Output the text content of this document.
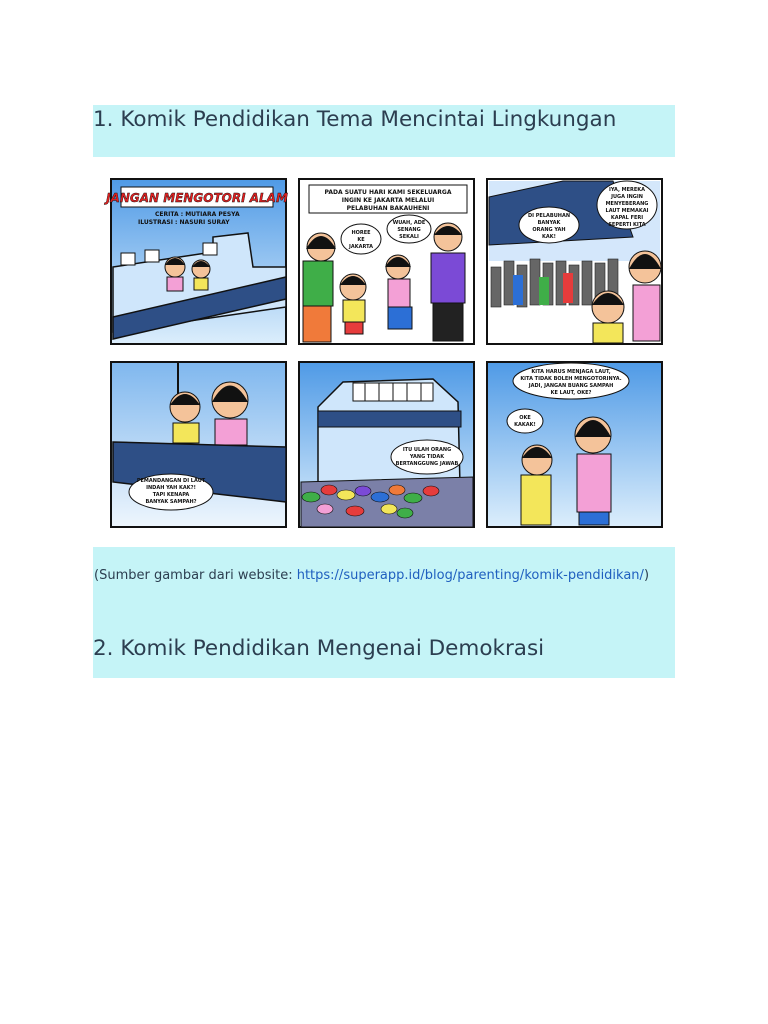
1. Komik Pendidikan Tema Mencintai Lingkungan
JANGAN MENGOTORI ALAM
CERITA : MUTIARA PESYA
ILUSTRASI : NASURI SURAY
PADA SUATU HARI KAMI SEKELUARGA
INGIN KE JAKARTA MELALUI
PELABUHAN BAKAUHENI
HOREE
KE
JAKARTA
WUAH, ADE
SENANG
SEKALI
DI PELABUHAN
BANYAK
ORANG YAH
KAK!
IYA, MEREKA
JUGA INGIN
MENYEBERANG
LAUT MEMAKAI
KAPAL FERI
SEPERTI KITA
PEMANDANGAN DI LAUT
INDAH YAH KAK?!
TAPI KENAPA
BANYAK SAMPAH?
ITU ULAH ORANG
YANG TIDAK
BERTANGGUNG JAWAB
KITA HARUS MENJAGA LAUT,
KITA TIDAK BOLEH MENGOTORINYA.
JADI, JANGAN BUANG SAMPAH
KE LAUT, OKE?
OKE
KAKAK!
(Sumber gambar dari website: https://superapp.id/blog/parenting/komik-pendidikan/)
2. Komik Pendidikan Mengenai Demokrasi
